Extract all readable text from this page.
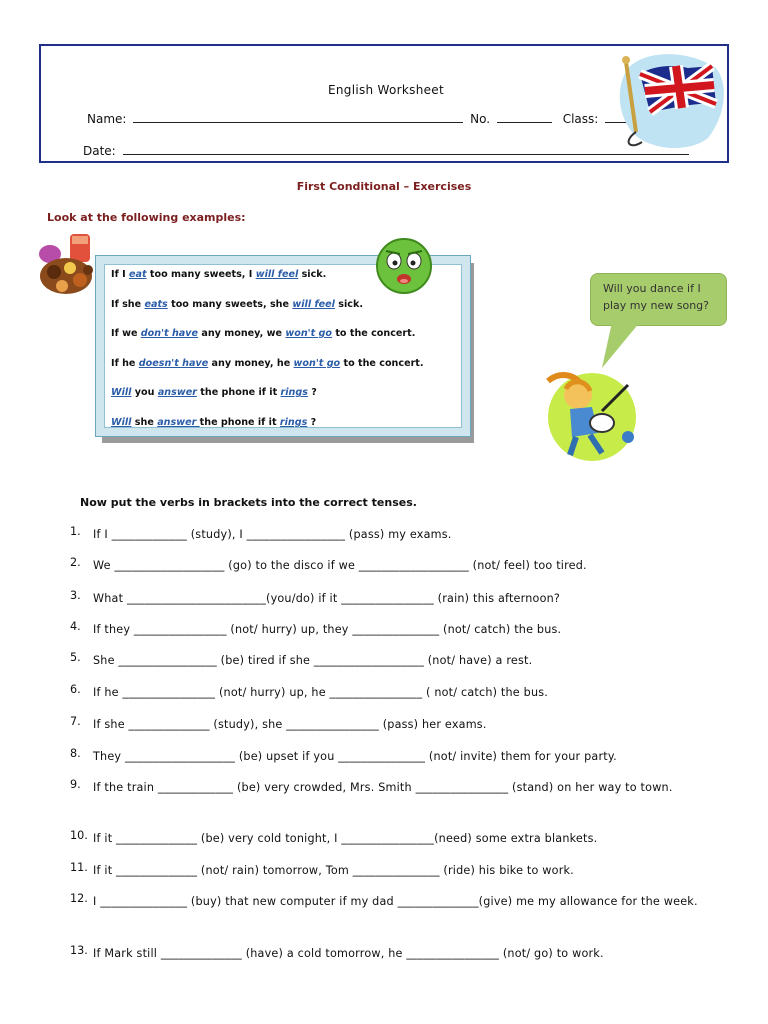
English Worksheet
Name:	No.	Class:
Date:
First Conditional – Exercises
Look at the following examples:
If I eat too many sweets, I will feel sick.
If she eats too many sweets, she will feel sick.
If we don't have any money, we won't go to the concert.
If he doesn't have any money, he won't go to the concert.
Will you answer the phone if it rings ?
Will she answer the phone if it rings ?
Will you dance if I play my new song?
Now put the verbs in brackets into the correct tenses.
1.	If I _____________ (study), I _________________ (pass) my exams.
2.	We ___________________ (go) to the disco if we ___________________ (not/ feel) too tired.
3.	What ________________________(you/do) if it ________________ (rain) this afternoon?
4.	If they ________________ (not/ hurry) up, they _______________ (not/ catch) the bus.
5.	She _________________ (be) tired if she ___________________ (not/ have) a rest.
6.	If he ________________ (not/ hurry) up, he ________________ ( not/ catch) the bus.
7.	If she ______________ (study), she ________________ (pass) her exams.
8.	They ___________________ (be) upset if you _______________ (not/ invite) them for your party.
9.	If the train _____________ (be) very crowded, Mrs. Smith ________________ (stand) on her way to town.
10. If it ______________ (be) very cold tonight, I ________________(need) some extra blankets.
11. If it ______________ (not/ rain) tomorrow, Tom _______________ (ride) his bike to work.
12. I _______________ (buy) that new computer if my dad ______________(give) me my allowance for the week.
13. If Mark still ______________ (have) a cold tomorrow, he ________________ (not/ go) to work.
